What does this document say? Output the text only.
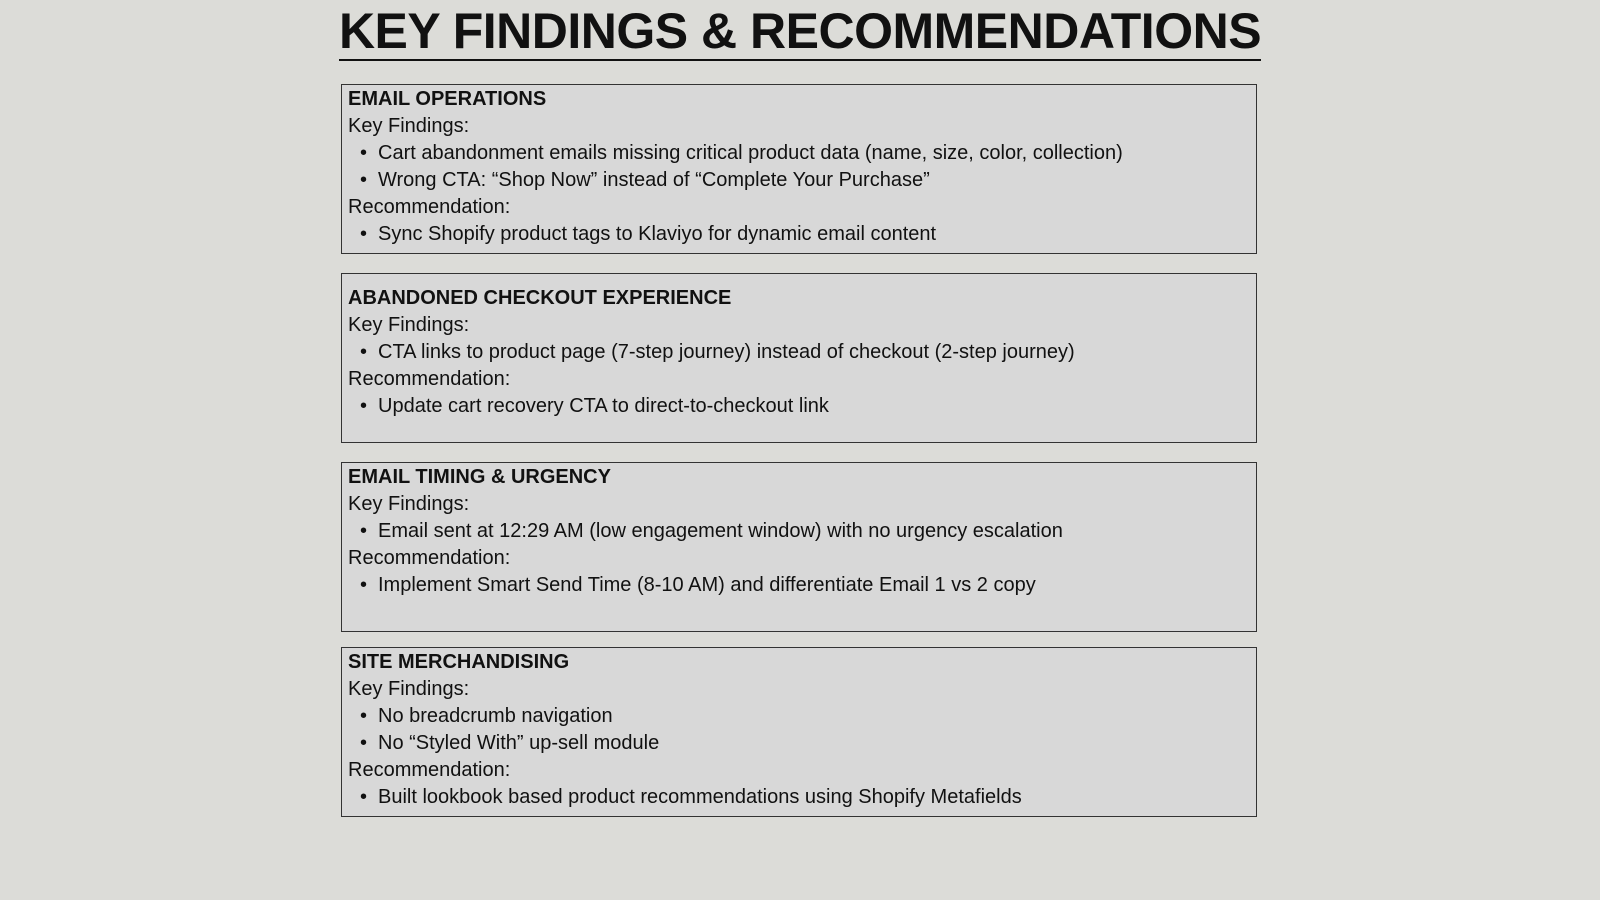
KEY FINDINGS & RECOMMENDATIONS
EMAIL OPERATIONS
Key Findings:
• Cart abandonment emails missing critical product data (name, size, color, collection)
• Wrong CTA: “Shop Now” instead of “Complete Your Purchase”
Recommendation:
• Sync Shopify product tags to Klaviyo for dynamic email content
ABANDONED CHECKOUT EXPERIENCE
Key Findings:
• CTA links to product page (7-step journey) instead of checkout (2-step journey)
Recommendation:
• Update cart recovery CTA to direct-to-checkout link
EMAIL TIMING & URGENCY
Key Findings:
• Email sent at 12:29 AM (low engagement window) with no urgency escalation
Recommendation:
• Implement Smart Send Time (8-10 AM) and differentiate Email 1 vs 2 copy
SITE MERCHANDISING
Key Findings:
• No breadcrumb navigation
• No “Styled With” up-sell module
Recommendation:
• Built lookbook based product recommendations using Shopify Metafields
